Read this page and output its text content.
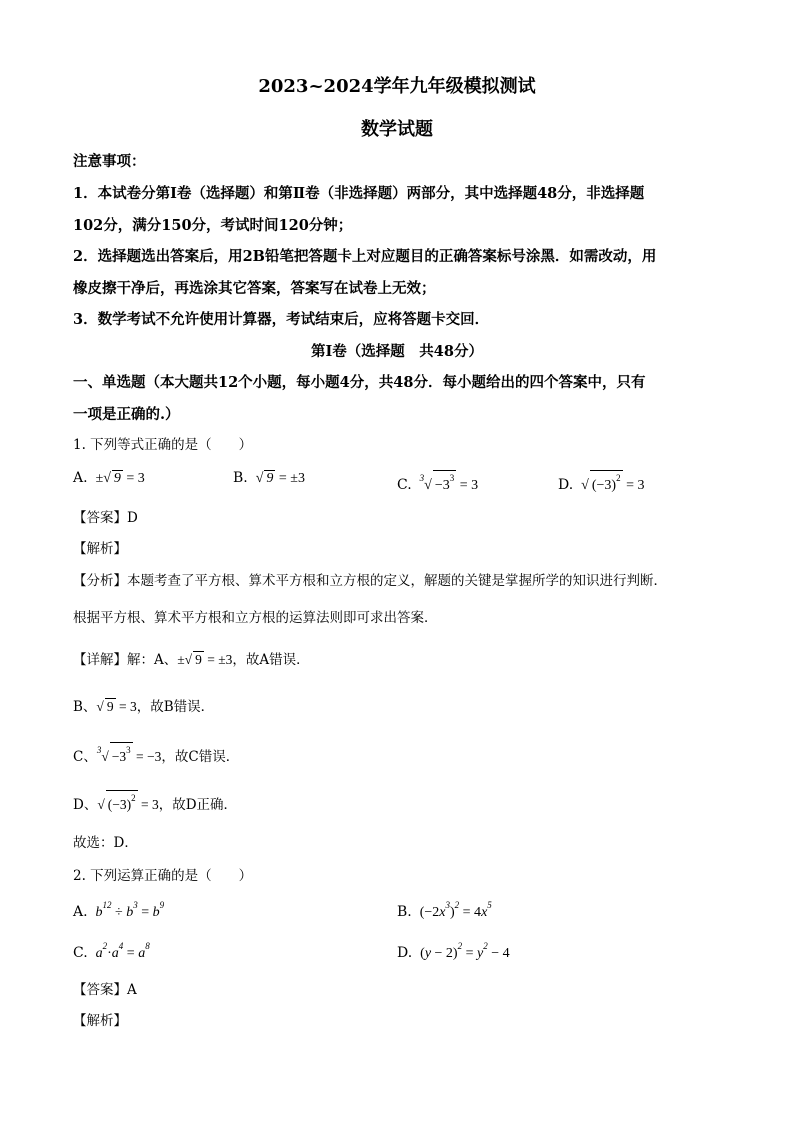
2023~2024学年九年级模拟测试
数学试题
注意事项：
1．本试卷分第Ⅰ卷（选择题）和第Ⅱ卷（非选择题）两部分，其中选择题48分，非选择题
102分，满分150分，考试时间120分钟；
2．选择题选出答案后，用2B铅笔把答题卡上对应题目的正确答案标号涂黑．如需改动，用
橡皮擦干净后，再选涂其它答案，答案写在试卷上无效；
3．数学考试不允许使用计算器，考试结束后，应将答题卡交回．
第Ⅰ卷（选择题　共48分）
一、单选题（本大题共12个小题，每小题4分，共48分．每小题给出的四个答案中，只有
一项是正确的.）
1. 下列等式正确的是（　　）
A.  ±√ 9 = 3	B. √ 9 = ±3	C. $^3√ -3^3 = 3$	D. √ $(-3)^2 = 3$
【答案】D
【解析】
【分析】本题考查了平方根、算术平方根和立方根的定义，解题的关键是掌握所学的知识进行判断．
根据平方根、算术平方根和立方根的运算法则即可求出答案．
【详解】解：A、±√ 9 = ±3，故A错误．
B、√ 9 = 3，故B错误．
C、$^3√ -3^3 = -3$，故C错误．
D、√ $(-3)^2 = 3$，故D正确．
故选：D．
2. 下列运算正确的是（　　）
A.  $b^{12} \div b^3 = b^9$	B. $(-2x^3)^2 = 4x^5$
C.  $a^2\cdot a^4 = a^8$	D. $(y - 2)^2 = y^2 - 4$
【答案】A
【解析】
